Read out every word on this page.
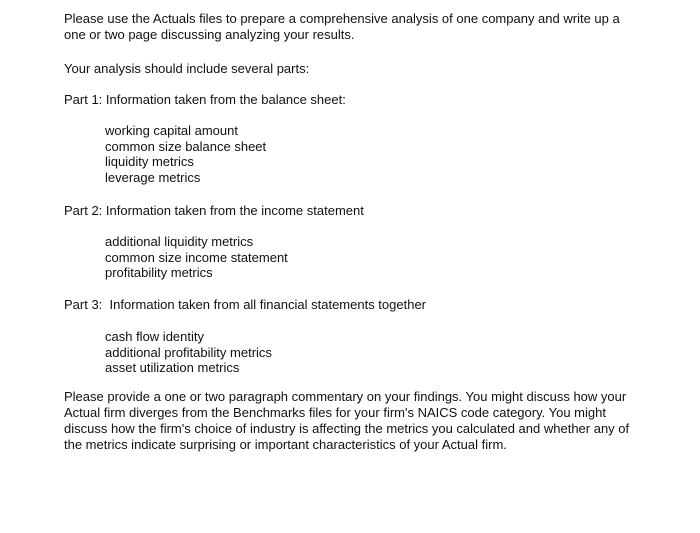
Please use the Actuals files to prepare a comprehensive analysis of one company and write up a one or two page discussing analyzing your results.

Your analysis should include several parts:

Part 1: Information taken from the balance sheet:

working capital amount
common size balance sheet
liquidity metrics
leverage metrics

Part 2: Information taken from the income statement

additional liquidity metrics
common size income statement
profitability metrics

Part 3:  Information taken from all financial statements together

cash flow identity
additional profitability metrics
asset utilization metrics

Please provide a one or two paragraph commentary on your findings. You might discuss how your Actual firm diverges from the Benchmarks files for your firm's NAICS code category. You might discuss how the firm's choice of industry is affecting the metrics you calculated and whether any of the metrics indicate surprising or important characteristics of your Actual firm.
